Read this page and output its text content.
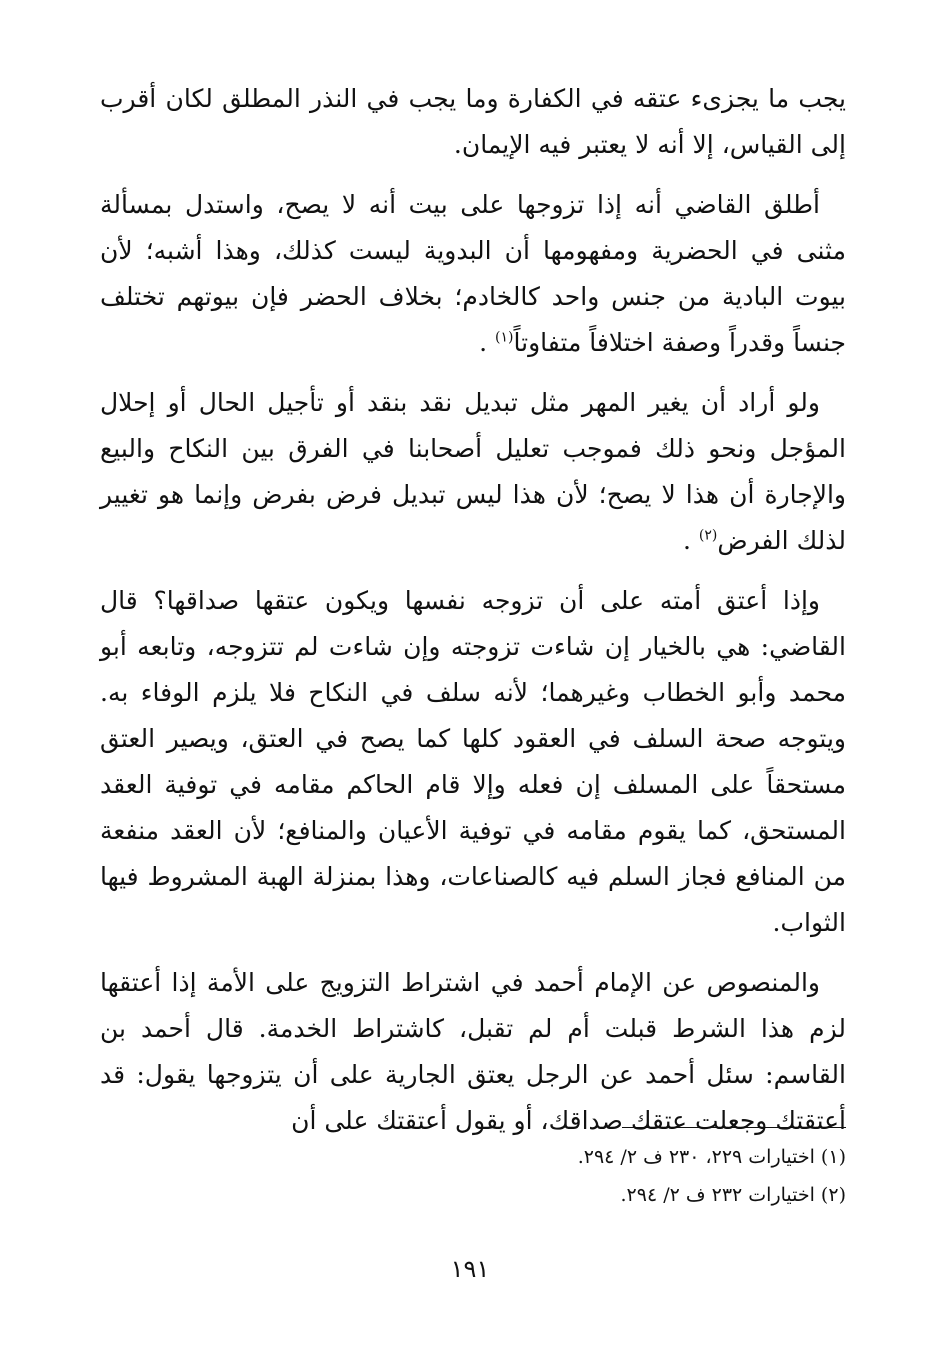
يجب ما يجزىء عتقه في الكفارة وما يجب في النذر المطلق لكان أقرب إلى القياس، إلا أنه لا يعتبر فيه الإيمان.

أطلق القاضي أنه إذا تزوجها على بيت أنه لا يصح، واستدل بمسألة مثنى في الحضرية ومفهومها أن البدوية ليست كذلك، وهذا أشبه؛ لأن بيوت البادية من جنس واحد كالخادم؛ بخلاف الحضر فإن بيوتهم تختلف جنساً وقدراً وصفة اختلافاً متفاوتاً$^{(١)}$ .

ولو أراد أن يغير المهر مثل تبديل نقد بنقد أو تأجيل الحال أو إحلال المؤجل ونحو ذلك فموجب تعليل أصحابنا في الفرق بين النكاح والبيع والإجارة أن هذا لا يصح؛ لأن هذا ليس تبديل فرض بفرض وإنما هو تغيير لذلك الفرض$^{(٢)}$ .

وإذا أعتق أمته على أن تزوجه نفسها ويكون عتقها صداقها؟ قال القاضي: هي بالخيار إن شاءت تزوجته وإن شاءت لم تتزوجه، وتابعه أبو محمد وأبو الخطاب وغيرهما؛ لأنه سلف في النكاح فلا يلزم الوفاء به. ويتوجه صحة السلف في العقود كلها كما يصح في العتق، ويصير العتق مستحقاً على المسلف إن فعله وإلا قام الحاكم مقامه في توفية العقد المستحق، كما يقوم مقامه في توفية الأعيان والمنافع؛ لأن العقد منفعة من المنافع فجاز السلم فيه كالصناعات، وهذا بمنزلة الهبة المشروط فيها الثواب.

والمنصوص عن الإمام أحمد في اشتراط التزويج على الأمة إذا أعتقها لزم هذا الشرط قبلت أم لم تقبل، كاشتراط الخدمة. قال أحمد بن القاسم: سئل أحمد عن الرجل يعتق الجارية على أن يتزوجها يقول: قد أعتقتك وجعلت عتقك صداقك، أو يقول أعتقتك على أن

(١) اختيارات ٢٢٩، ٢٣٠ ف ٢/ ٢٩٤.

(٢) اختيارات ٢٣٢ ف ٢/ ٢٩٤.

١٩١
